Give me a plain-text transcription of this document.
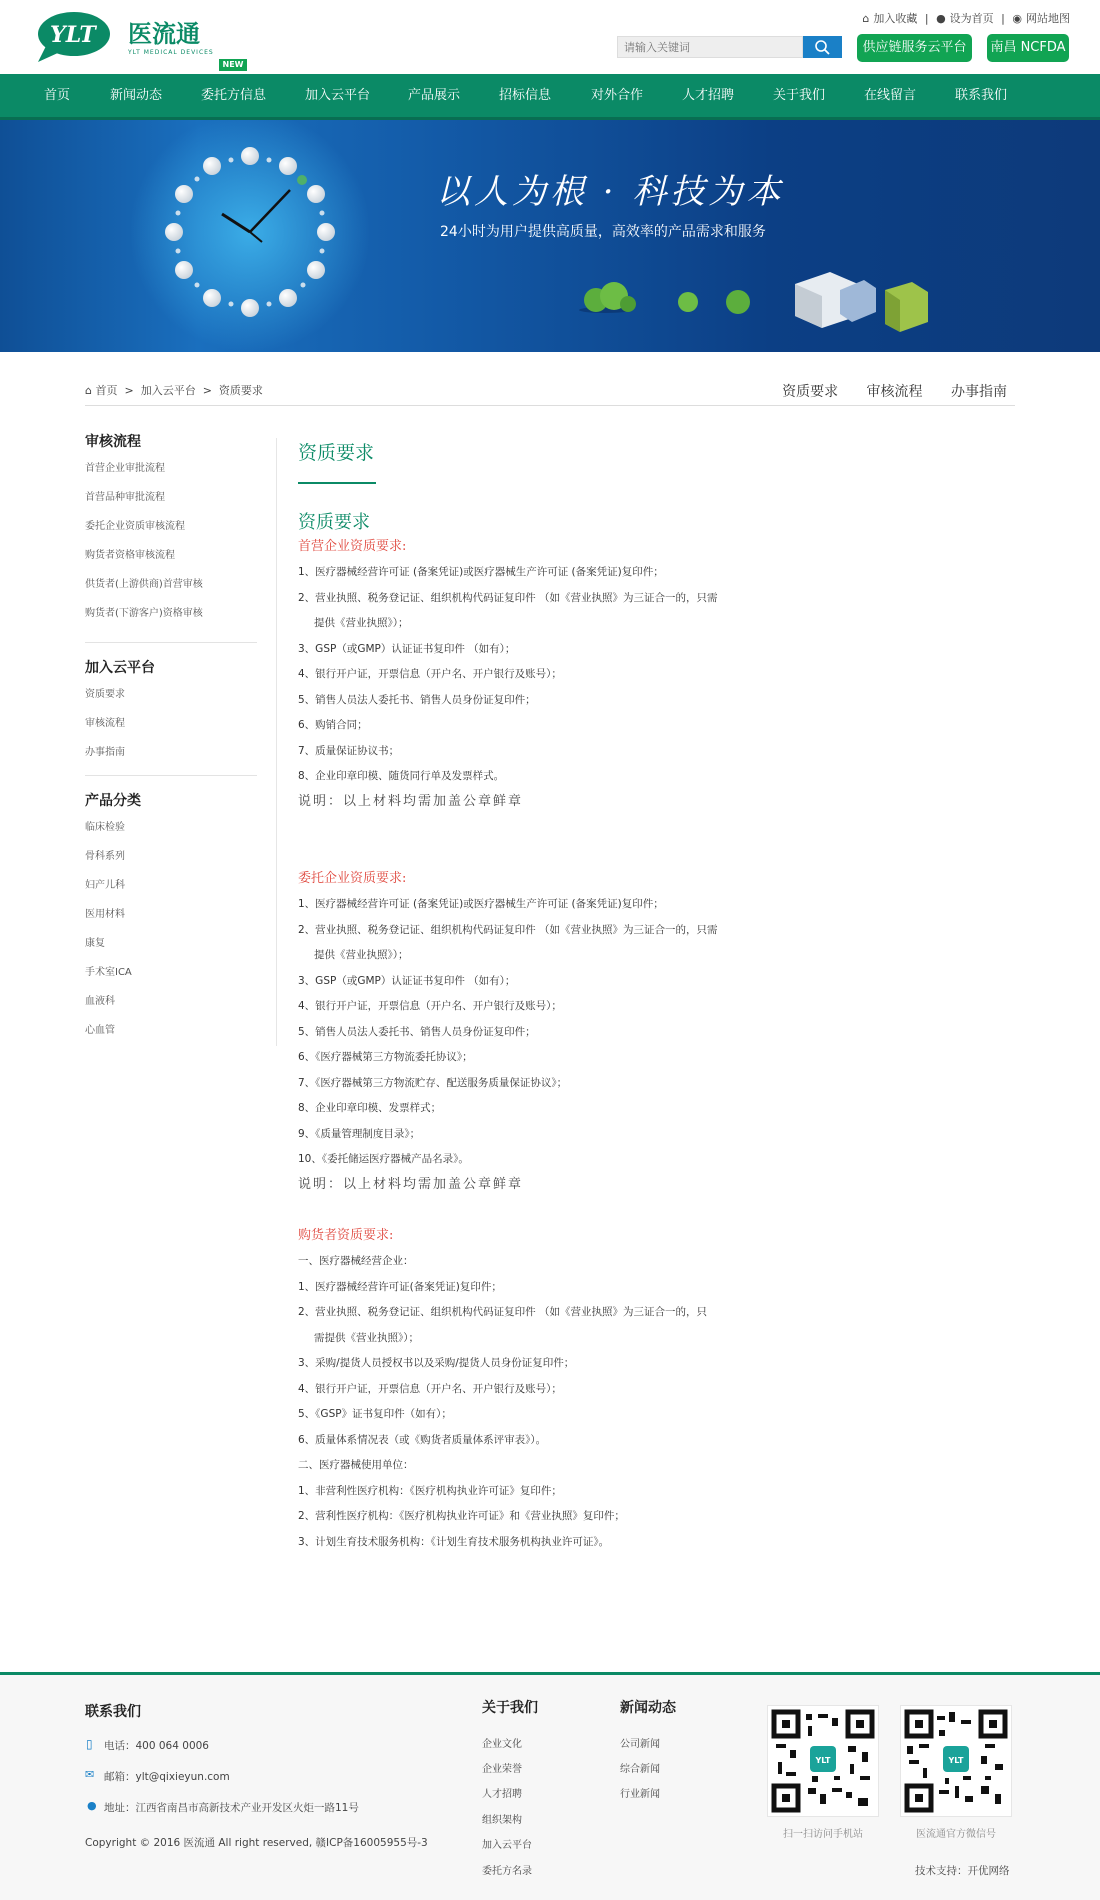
YLT 医流通
YLT MEDICAL DEVICES
NEW
⌂ 加入收藏 | ● 设为首页 | ◉ 网站地图
请输入关键词
供应链服务云平台	南昌 NCFDA
首页	新闻动态	委托方信息	加入云平台	产品展示	招标信息	对外合作	人才招聘	关于我们	在线留言	联系我们
以人为根 · 科技为本
24小时为用户提供高质量，高效率的产品需求和服务
⌂ 首页  >  加入云平台  >  资质要求	资质要求 审核流程 办事指南
审核流程
首营企业审批流程
首营品种审批流程
委托企业资质审核流程
购货者资格审核流程
供货者(上游供商)首营审核
购货者(下游客户)资格审核
加入云平台
资质要求
审核流程
办事指南
产品分类
临床检验
骨科系列
妇产儿科
医用材料
康复
手术室ICA
血液科
心血管
资质要求
资质要求
首营企业资质要求:
1、医疗器械经营许可证 (备案凭证)或医疗器械生产许可证 (备案凭证)复印件；
2、营业执照、税务登记证、组织机构代码证复印件 （如《营业执照》为三证合一的，只需
提供《营业执照》）；
3、GSP（或GMP）认证证书复印件 （如有）；
4、银行开户证，开票信息（开户名、开户银行及账号）；
5、销售人员法人委托书、销售人员身份证复印件；
6、购销合同；
7、质量保证协议书；
8、企业印章印模、随货同行单及发票样式。
说明：以上材料均需加盖公章鲜章
委托企业资质要求:
1、医疗器械经营许可证 (备案凭证)或医疗器械生产许可证 (备案凭证)复印件；
2、营业执照、税务登记证、组织机构代码证复印件 （如《营业执照》为三证合一的，只需
提供《营业执照》）；
3、GSP（或GMP）认证证书复印件 （如有）；
4、银行开户证，开票信息（开户名、开户银行及账号）；
5、销售人员法人委托书、销售人员身份证复印件；
6、《医疗器械第三方物流委托协议》；
7、《医疗器械第三方物流贮存、配送服务质量保证协议》；
8、企业印章印模、发票样式；
9、《质量管理制度目录》；
10、《委托储运医疗器械产品名录》。
说明：以上材料均需加盖公章鲜章
购货者资质要求:
一、医疗器械经营企业：
1、医疗器械经营许可证(备案凭证)复印件；
2、营业执照、税务登记证、组织机构代码证复印件 （如《营业执照》为三证合一的，只
需提供《营业执照》）；
3、采购/提货人员授权书以及采购/提货人员身份证复印件；
4、银行开户证，开票信息（开户名、开户银行及账号）；
5、《GSP》证书复印件（如有）；
6、质量体系情况表（或《购货者质量体系评审表》）。
二、医疗器械使用单位：
1、非营利性医疗机构：《医疗机构执业许可证》复印件；
2、营利性医疗机构：《医疗机构执业许可证》和《营业执照》复印件；
3、计划生育技术服务机构：《计划生育技术服务机构执业许可证》。
联系我们
▯ 电话：400 064 0006
✉ 邮箱：ylt@qixieyun.com
● 地址：江西省南昌市高新技术产业开发区火炬一路11号
Copyright © 2016 医流通 All right reserved, 赣ICP备16005955号-3
关于我们
企业文化
企业荣誉
人才招聘
组织架构
加入云平台
委托方名录
新闻动态
公司新闻
综合新闻
行业新闻
YLT
扫一扫访问手机站
YLT
医流通官方微信号
技术支持：开优网络
